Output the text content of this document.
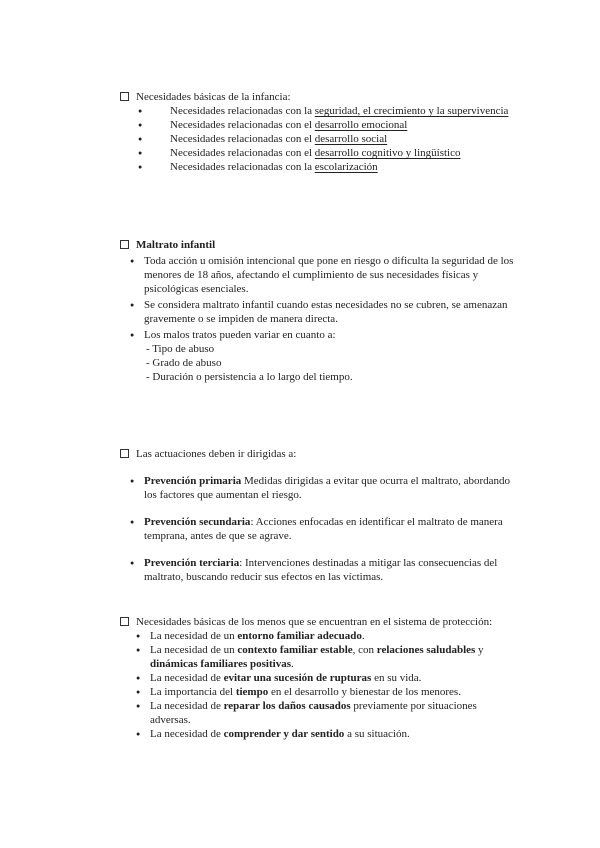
Necesidades básicas de la infancia:
● Necesidades relacionadas con la seguridad, el crecimiento y la supervivencia
● Necesidades relacionadas con el desarrollo emocional
● Necesidades relacionadas con el desarrollo social
● Necesidades relacionadas con el desarrollo cognitivo y lingüístico
● Necesidades relacionadas con la escolarización
Maltrato infantil
● Toda acción u omisión intencional que pone en riesgo o dificulta la seguridad de los menores de 18 años, afectando el cumplimiento de sus necesidades físicas y psicológicas esenciales.
● Se considera maltrato infantil cuando estas necesidades no se cubren, se amenazan gravemente o se impiden de manera directa.
● Los malos tratos pueden variar en cuanto a:
- Tipo de abuso
- Grado de abuso
- Duración o persistencia a lo largo del tiempo.
Las actuaciones deben ir dirigidas a:
● Prevención primaria Medidas dirigidas a evitar que ocurra el maltrato, abordando los factores que aumentan el riesgo.
● Prevención secundaria: Acciones enfocadas en identificar el maltrato de manera temprana, antes de que se agrave.
● Prevención terciaria: Intervenciones destinadas a mitigar las consecuencias del maltrato, buscando reducir sus efectos en las víctimas.
Necesidades básicas de los menos que se encuentran en el sistema de protección:
● La necesidad de un entorno familiar adecuado.
● La necesidad de un contexto familiar estable, con relaciones saludables y dinámicas familiares positivas.
● La necesidad de evitar una sucesión de rupturas en su vida.
● La importancia del tiempo en el desarrollo y bienestar de los menores.
● La necesidad de reparar los daños causados previamente por situaciones adversas.
● La necesidad de comprender y dar sentido a su situación.
